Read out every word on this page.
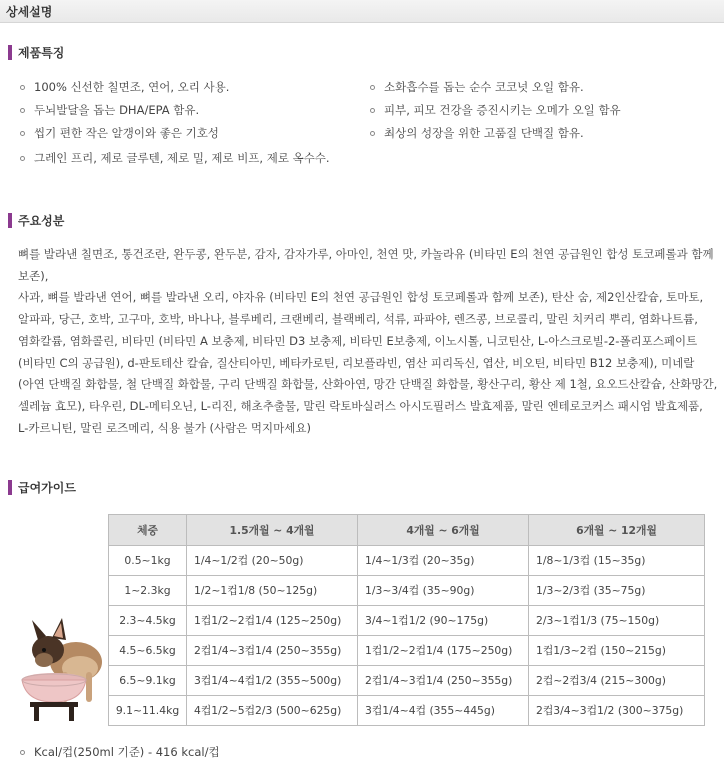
상세설명
제품특징
100% 신선한 칠면조, 연어, 오리 사용.
두뇌발달을 돕는 DHA/EPA 함유.
씹기 편한 작은 알갱이와 좋은 기호성
그레인 프리, 제로 글루텐, 제로 밀, 제로 비프, 제로 옥수수.
소화흡수를 돕는 순수 코코넛 오일 함유.
피부, 피모 건강을 증진시키는 오메가 오일 함유
최상의 성장을 위한 고품질 단백질 함유.
주요성분
뼈를 발라낸 칠면조, 통건조란, 완두콩, 완두분, 감자, 감자가루, 아마인, 천연 맛, 카놀라유 (비타민 E의 천연 공급원인 합성 토코페롤과 함께 보존),
사과, 뼈를 발라낸 연어, 뼈를 발라낸 오리, 야자유 (비타민 E의 천연 공급원인 합성 토코페롤과 함께 보존), 탄산 숨, 제2인산칼슘, 토마토,
알파파, 당근, 호박, 고구마, 호박, 바나나, 블루베리, 크랜베리, 블랙베리, 석류, 파파야, 렌즈콩, 브로콜리, 말린 치커리 뿌리, 염화나트륨,
염화칼륨, 염화콜린, 비타민 (비타민 A 보충제, 비타민 D3 보충제, 비타민 E보충제, 이노시톨, 니코틴산, L-아스크로빌-2-폴리포스페이트
(비타민 C의 공급원), d-판토테산 칼슘, 질산티아민, 베타카로틴, 리보플라빈, 염산 피리독신, 엽산, 비오틴, 비타민 B12 보충제), 미네랄
(아연 단백질 화합물, 철 단백질 화합물, 구리 단백질 화합물, 산화아연, 망간 단백질 화합물, 황산구리, 황산 제 1철, 요오드산칼슘, 산화망간,
셀레늄 효모), 타우린, DL-메티오닌, L-리진, 해초추출물, 말린 락토바실러스 아시도필러스 발효제품, 말린 엔테로코커스 패시엄 발효제품,
L-카르니틴, 말린 로즈메리, 식용 불가 (사람은 먹지마세요)
급여가이드
체중	1.5개월 ~ 4개월	4개월 ~ 6개월	6개월 ~ 12개월
0.5~1kg	1/4~1/2컵 (20~50g)	1/4~1/3컵 (20~35g)	1/8~1/3컵 (15~35g)
1~2.3kg	1/2~1컵1/8 (50~125g)	1/3~3/4컵 (35~90g)	1/3~2/3컵 (35~75g)
2.3~4.5kg	1컵1/2~2컵1/4 (125~250g)	3/4~1컵1/2 (90~175g)	2/3~1컵1/3 (75~150g)
4.5~6.5kg	2컵1/4~3컵1/4 (250~355g)	1컵1/2~2컵1/4 (175~250g)	1컵1/3~2컵 (150~215g)
6.5~9.1kg	3컵1/4~4컵1/2 (355~500g)	2컵1/4~3컵1/4 (250~355g)	2컵~2컵3/4 (215~300g)
9.1~11.4kg	4컵1/2~5컵2/3 (500~625g)	3컵1/4~4컵 (355~445g)	2컵3/4~3컵1/2 (300~375g)
Kcal/컵(250ml 기준) - 416 kcal/컵
